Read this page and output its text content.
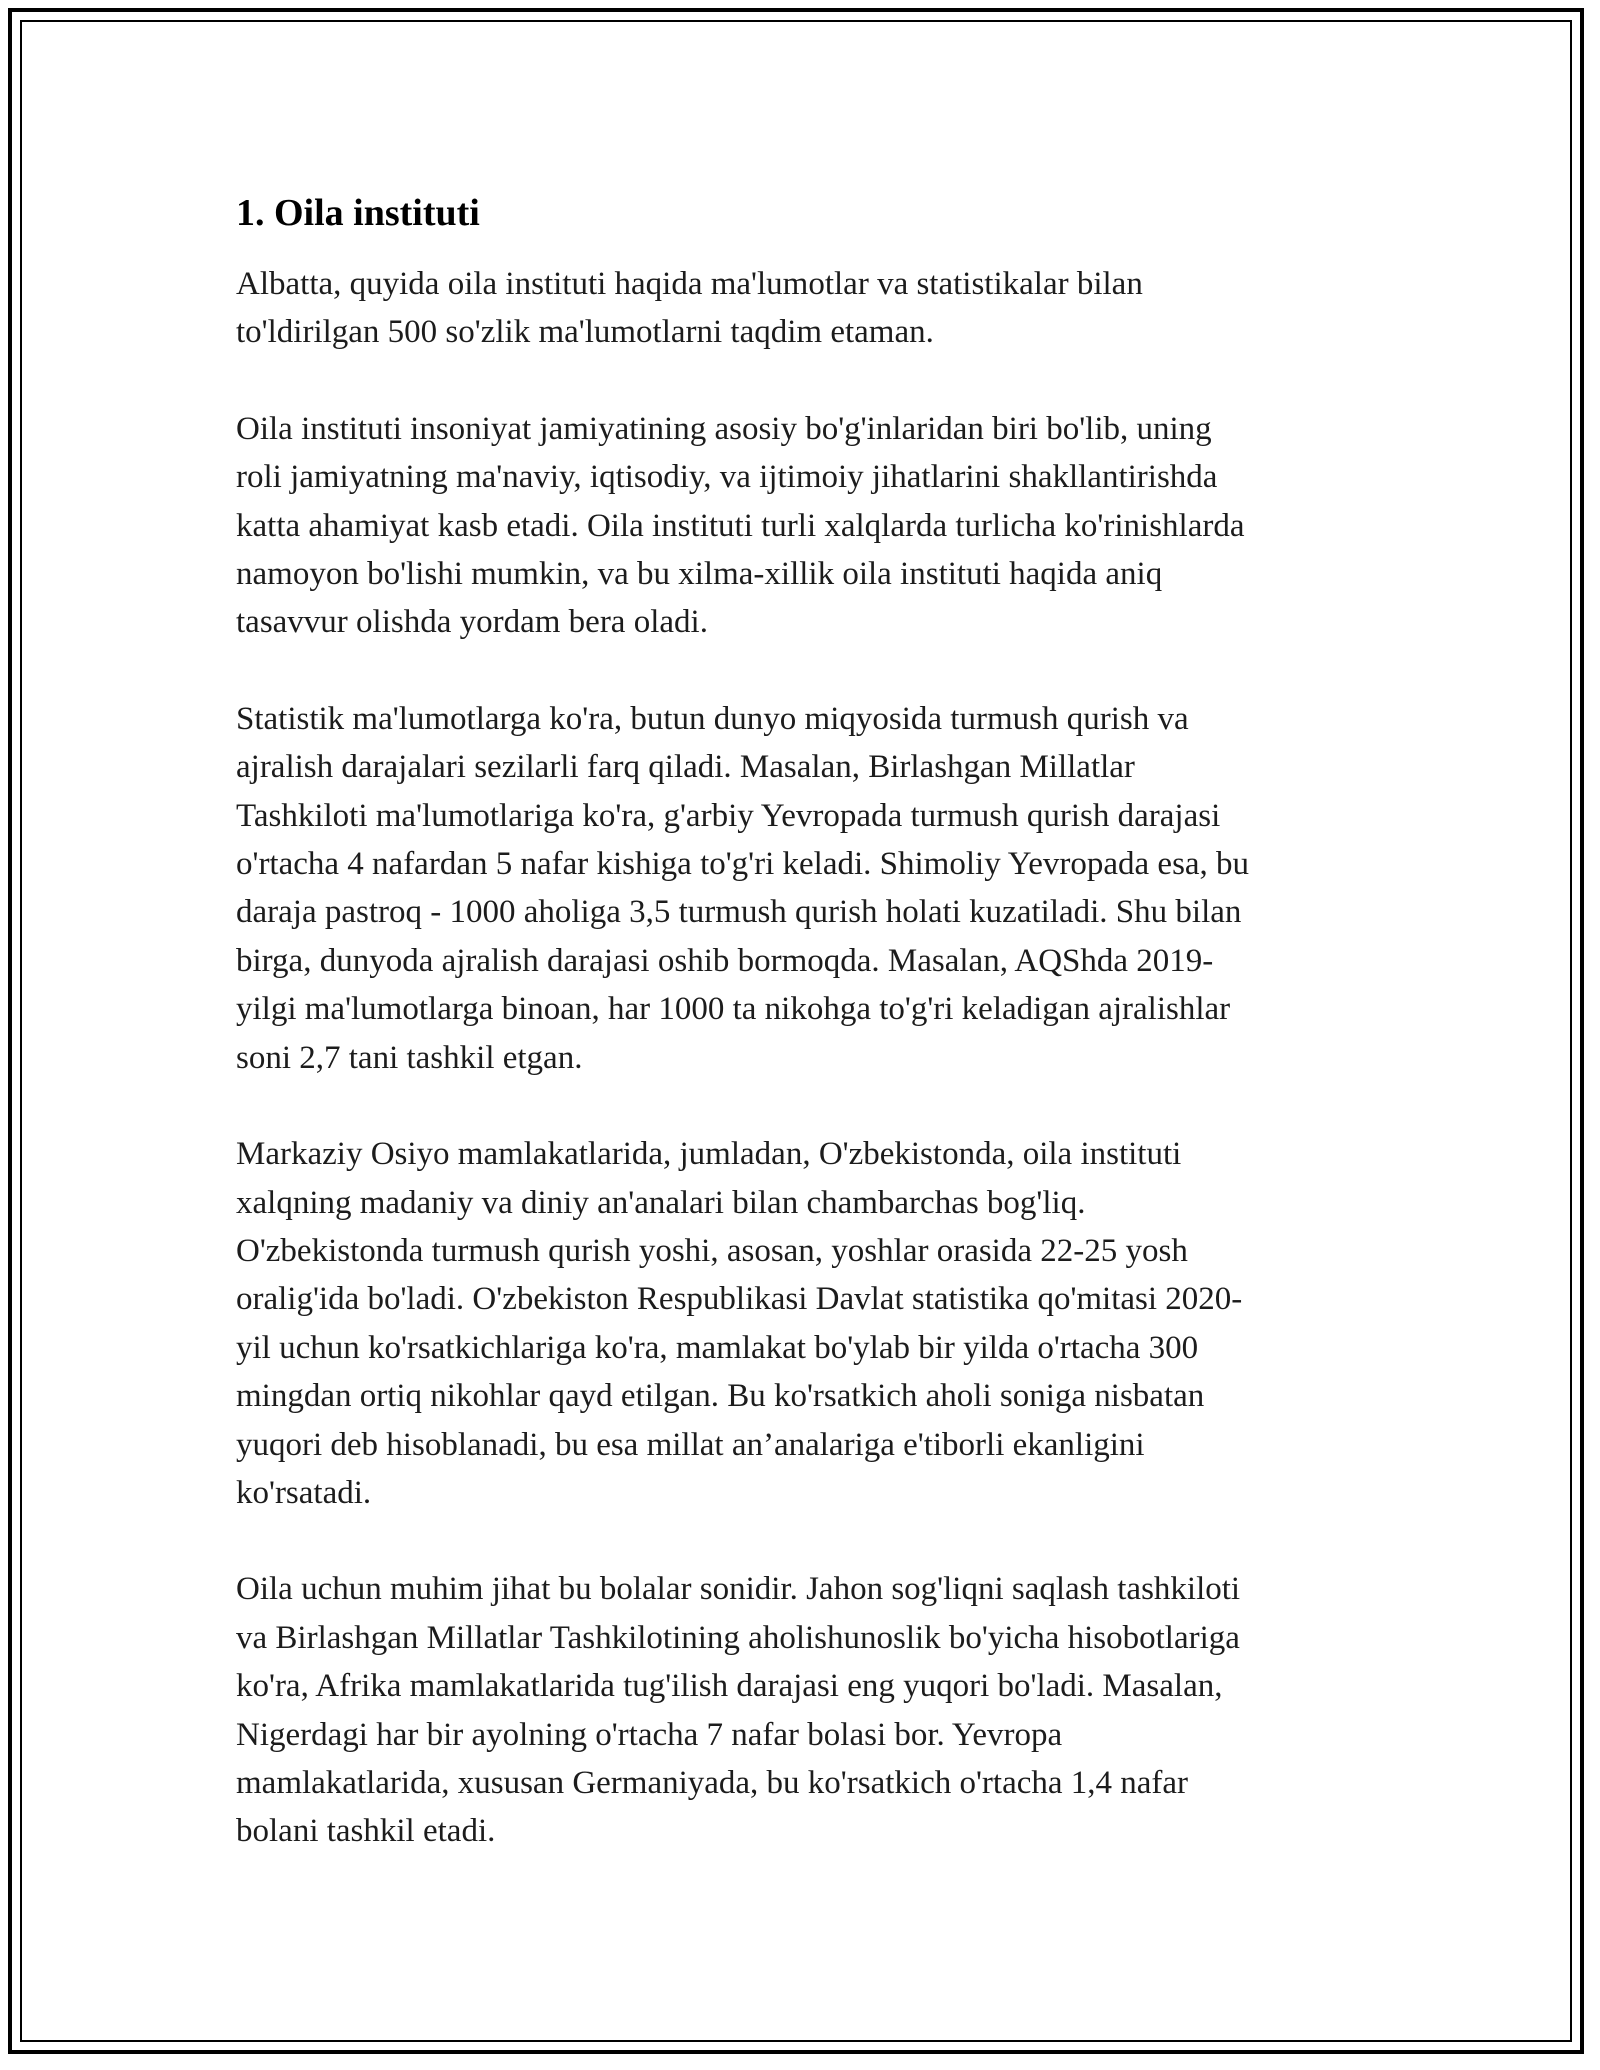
1. Oila instituti

Albatta, quyida oila instituti haqida ma'lumotlar va statistikalar bilan
to'ldirilgan 500 so'zlik ma'lumotlarni taqdim etaman.

Oila instituti insoniyat jamiyatining asosiy bo'g'inlaridan biri bo'lib, uning
roli jamiyatning ma'naviy, iqtisodiy, va ijtimoiy jihatlarini shakllantirishda
katta ahamiyat kasb etadi. Oila instituti turli xalqlarda turlicha ko'rinishlarda
namoyon bo'lishi mumkin, va bu xilma-xillik oila instituti haqida aniq
tasavvur olishda yordam bera oladi.

Statistik ma'lumotlarga ko'ra, butun dunyo miqyosida turmush qurish va
ajralish darajalari sezilarli farq qiladi. Masalan, Birlashgan Millatlar
Tashkiloti ma'lumotlariga ko'ra, g'arbiy Yevropada turmush qurish darajasi
o'rtacha 4 nafardan 5 nafar kishiga to'g'ri keladi. Shimoliy Yevropada esa, bu
daraja pastroq - 1000 aholiga 3,5 turmush qurish holati kuzatiladi. Shu bilan
birga, dunyoda ajralish darajasi oshib bormoqda. Masalan, AQShda 2019-
yilgi ma'lumotlarga binoan, har 1000 ta nikohga to'g'ri keladigan ajralishlar
soni 2,7 tani tashkil etgan.

Markaziy Osiyo mamlakatlarida, jumladan, O'zbekistonda, oila instituti
xalqning madaniy va diniy an'analari bilan chambarchas bog'liq.
O'zbekistonda turmush qurish yoshi, asosan, yoshlar orasida 22-25 yosh
oralig'ida bo'ladi. O'zbekiston Respublikasi Davlat statistika qo'mitasi 2020-
yil uchun ko'rsatkichlariga ko'ra, mamlakat bo'ylab bir yilda o'rtacha 300
mingdan ortiq nikohlar qayd etilgan. Bu ko'rsatkich aholi soniga nisbatan
yuqori deb hisoblanadi, bu esa millat an’analariga e'tiborli ekanligini
ko'rsatadi.

Oila uchun muhim jihat bu bolalar sonidir. Jahon sog'liqni saqlash tashkiloti
va Birlashgan Millatlar Tashkilotining aholishunoslik bo'yicha hisobotlariga
ko'ra, Afrika mamlakatlarida tug'ilish darajasi eng yuqori bo'ladi. Masalan,
Nigerdagi har bir ayolning o'rtacha 7 nafar bolasi bor. Yevropa
mamlakatlarida, xususan Germaniyada, bu ko'rsatkich o'rtacha 1,4 nafar
bolani tashkil etadi.
